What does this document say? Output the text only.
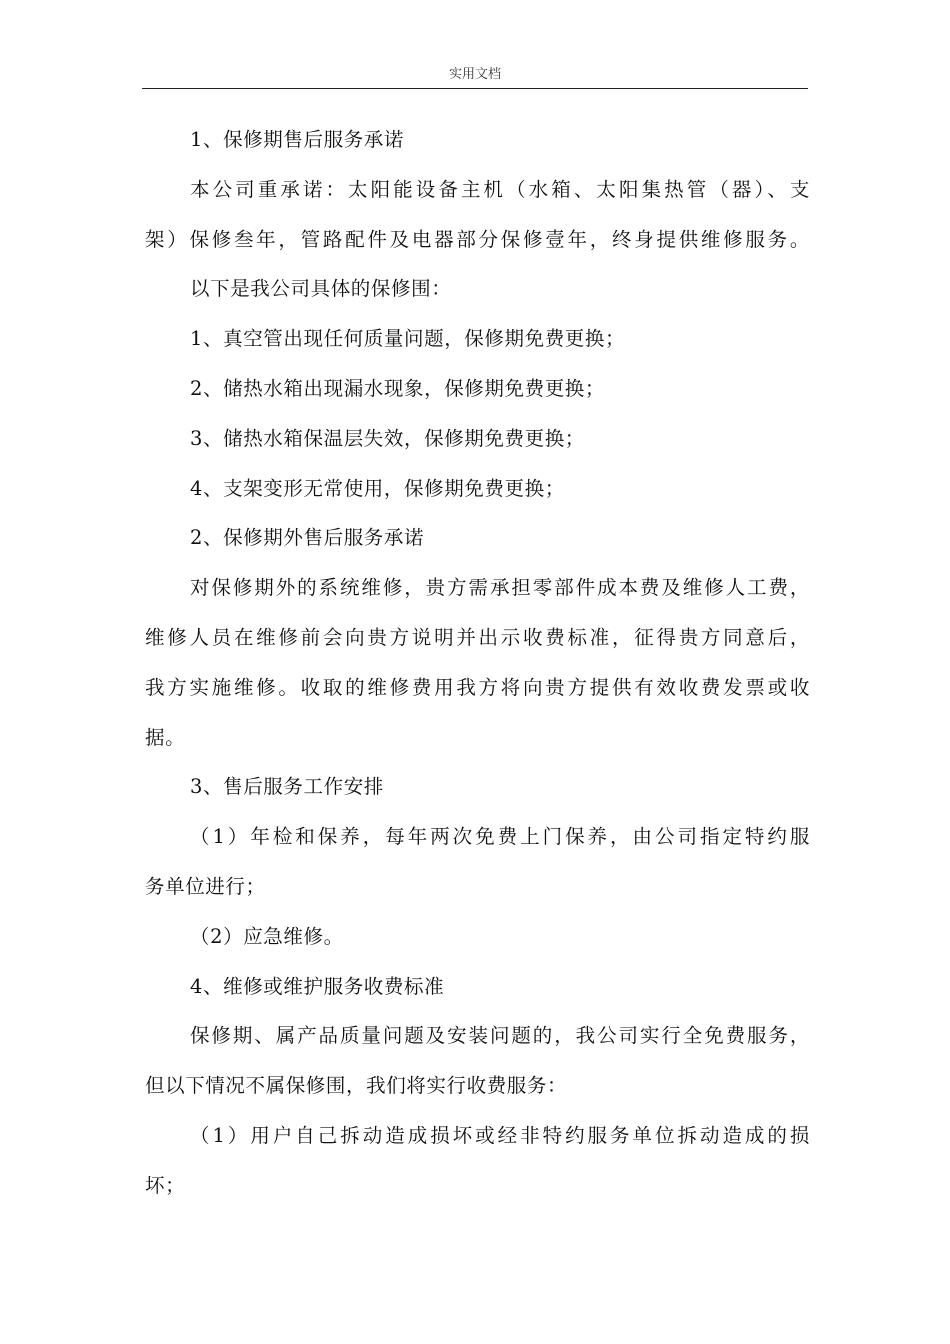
实用文档
1、保修期售后服务承诺
本公司重承诺：太阳能设备主机（水箱、太阳集热管（器）、支
架）保修叁年，管路配件及电器部分保修壹年，终身提供维修服务。
以下是我公司具体的保修围：
1、真空管出现任何质量问题，保修期免费更换；
2、储热水箱出现漏水现象，保修期免费更换；
3、储热水箱保温层失效，保修期免费更换；
4、支架变形无常使用，保修期免费更换；
2、保修期外售后服务承诺
对保修期外的系统维修，贵方需承担零部件成本费及维修人工费，
维修人员在维修前会向贵方说明并出示收费标准，征得贵方同意后，
我方实施维修。收取的维修费用我方将向贵方提供有效收费发票或收
据。
3、售后服务工作安排
（1）年检和保养，每年两次免费上门保养，由公司指定特约服
务单位进行；
（2）应急维修。
4、维修或维护服务收费标准
保修期、属产品质量问题及安装问题的，我公司实行全免费服务，
但以下情况不属保修围，我们将实行收费服务：
（1）用户自己拆动造成损坏或经非特约服务单位拆动造成的损
坏；
